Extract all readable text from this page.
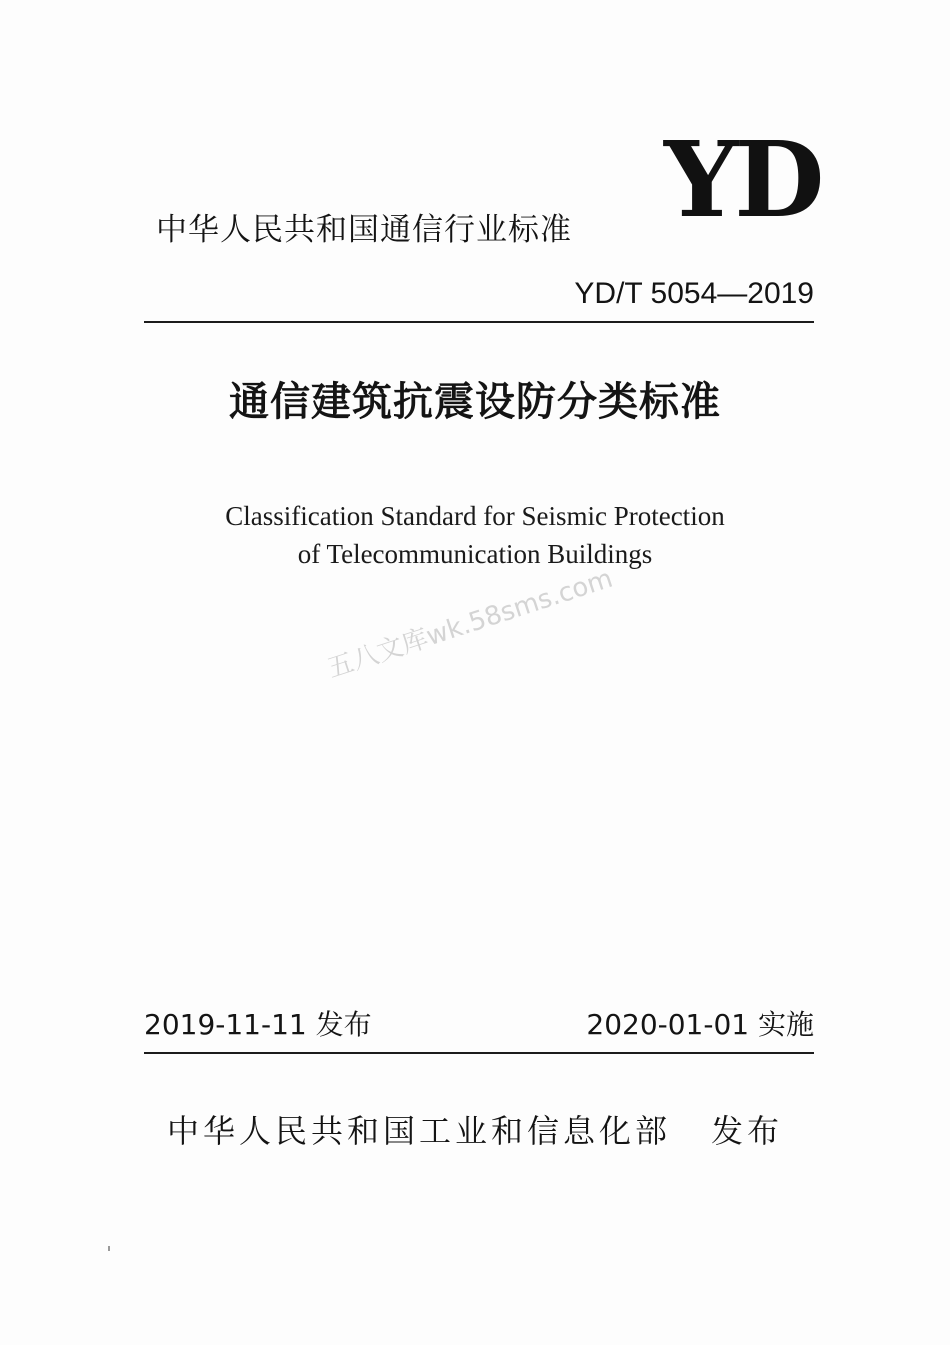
YD
中华人民共和国通信行业标准
YD/T 5054—2019
通信建筑抗震设防分类标准
Classification Standard for Seismic Protection
of Telecommunication Buildings
五八文库wk.58sms.com
2019-11-11 发布	2020-01-01 实施
中华人民共和国工业和信息化部 发布
